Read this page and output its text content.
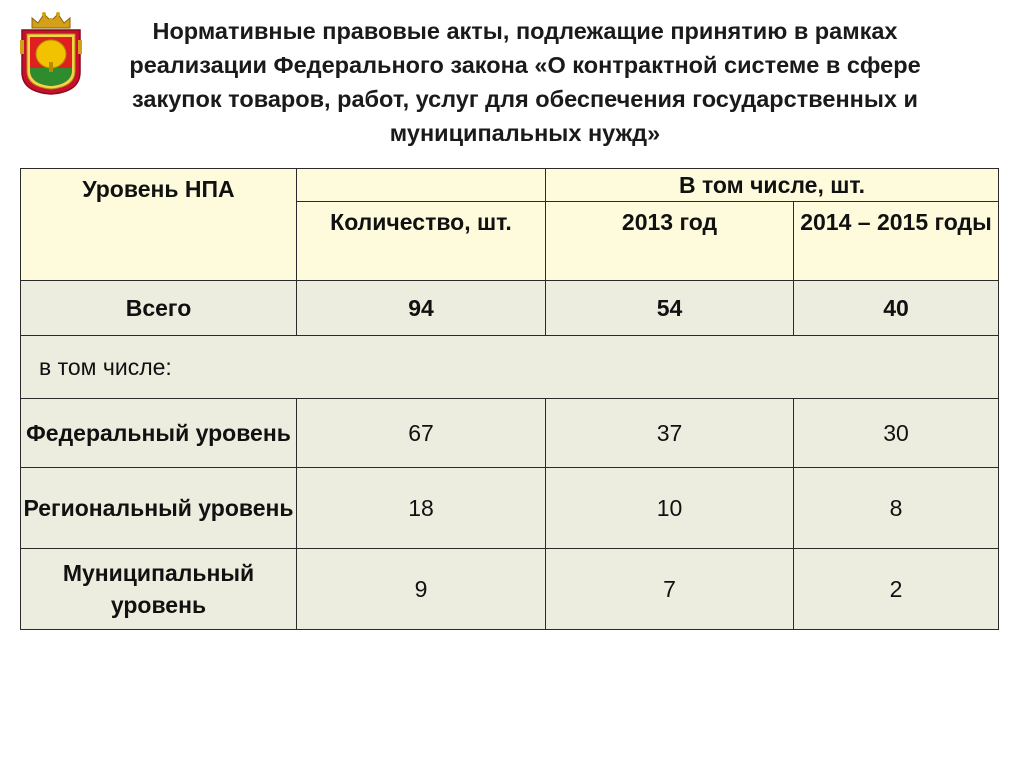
Нормативные правовые акты, подлежащие принятию в рамках реализации Федерального закона «О контрактной системе в сфере закупок товаров, работ, услуг для обеспечения государственных и муниципальных нужд»
Уровень НПА		В том числе, шт.	
	Количество, шт.	2013 год	2014 – 2015 годы
Всего	94	54	40
в том числе:			
Федеральный уровень	67	37	30
Региональный уровень	18	10	8
Муниципальный уровень	9	7	2
